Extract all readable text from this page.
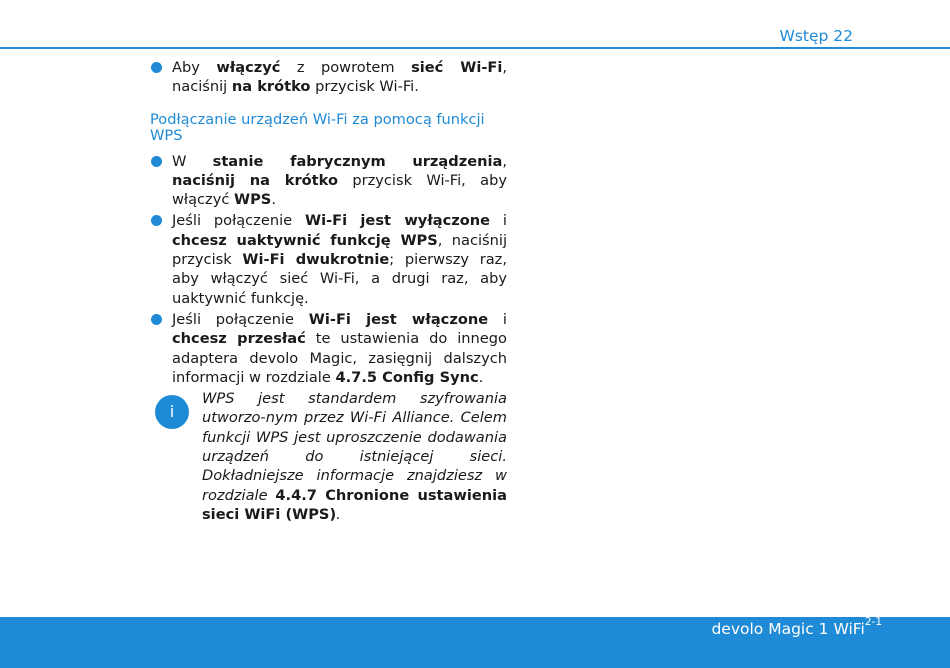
Wstęp 22
Aby włączyć z powrotem sieć Wi-Fi, naciśnij na krótko przycisk Wi-Fi.
Podłączanie urządzeń Wi-Fi za pomocą funkcji WPS
W stanie fabrycznym urządzenia, naciśnij na krótko przycisk Wi-Fi, aby włączyć WPS.
Jeśli połączenie Wi-Fi jest wyłączone i chcesz uaktywnić funkcję WPS, naciśnij przycisk Wi-Fi dwukrotnie; pierwszy raz, aby włączyć sieć Wi-Fi, a drugi raz, aby uaktywnić funkcję.
Jeśli połączenie Wi-Fi jest włączone i chcesz przesłać te ustawienia do innego adaptera devolo Magic, zasięgnij dalszych informacji w rozdziale 4.7.5 Config Sync.
i
WPS jest standardem szyfrowania utworzo-nym przez Wi-Fi Alliance. Celem funkcji WPS jest uproszczenie dodawania urządzeń do istniejącej sieci. Dokładniejsze informacje znajdziesz w rozdziale 4.4.7 Chronione ustawienia sieci WiFi (WPS).
devolo Magic 1 WiFi$^{2-1}$
